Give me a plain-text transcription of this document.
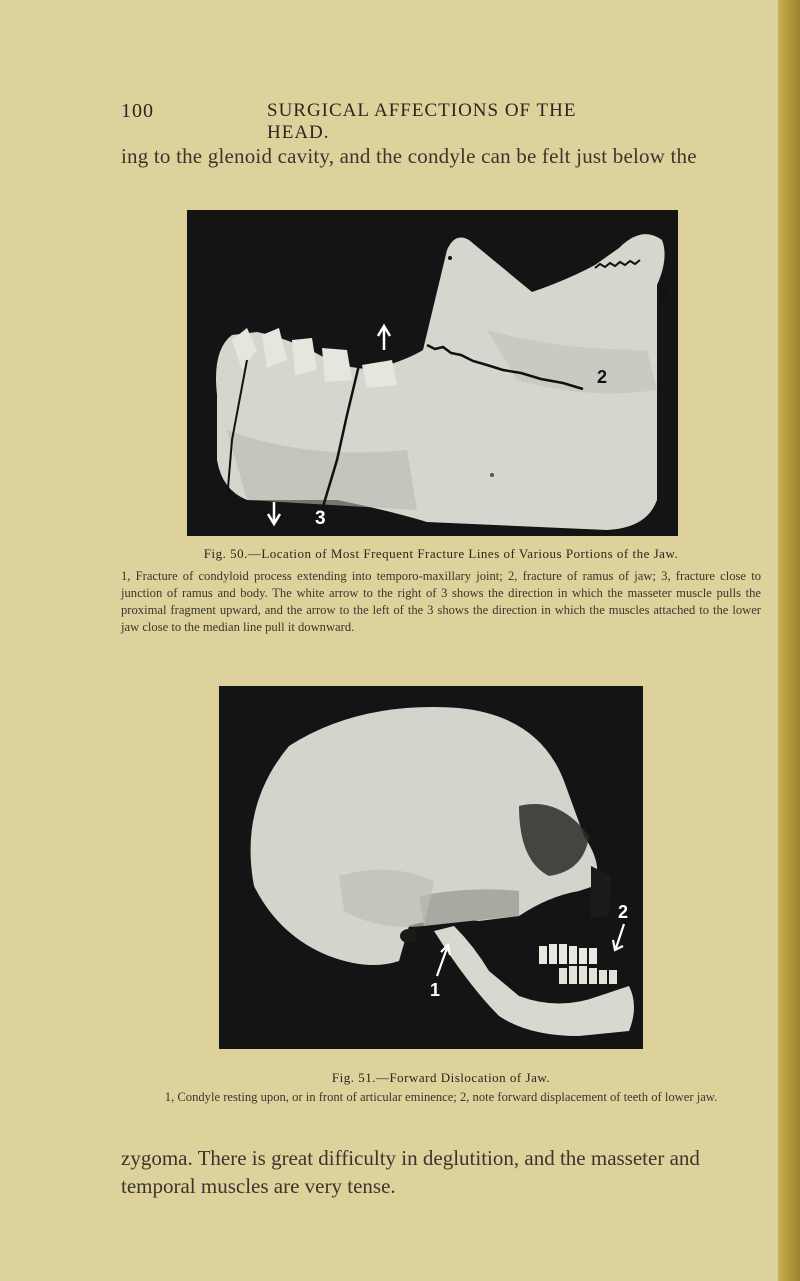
100	SURGICAL AFFECTIONS OF THE HEAD.
ing to the glenoid cavity, and the condyle can be felt just below the
1
2
3
Fig. 50.—Location of Most Frequent Fracture Lines of Various Portions of the Jaw.
1, Fracture of condyloid process extending into temporo-maxillary joint; 2, fracture of ramus of jaw; 3, fracture close to junction of ramus and body. The white arrow to the right of 3 shows the direction in which the masseter muscle pulls the proximal fragment upward, and the arrow to the left of the 3 shows the direction in which the muscles attached to the lower jaw close to the median line pull it downward.
1
2
Fig. 51.—Forward Dislocation of Jaw.
1, Condyle resting upon, or in front of articular eminence; 2, note forward displacement of teeth of lower jaw.
zygoma. There is great difficulty in deglutition, and the masseter and temporal muscles are very tense.
